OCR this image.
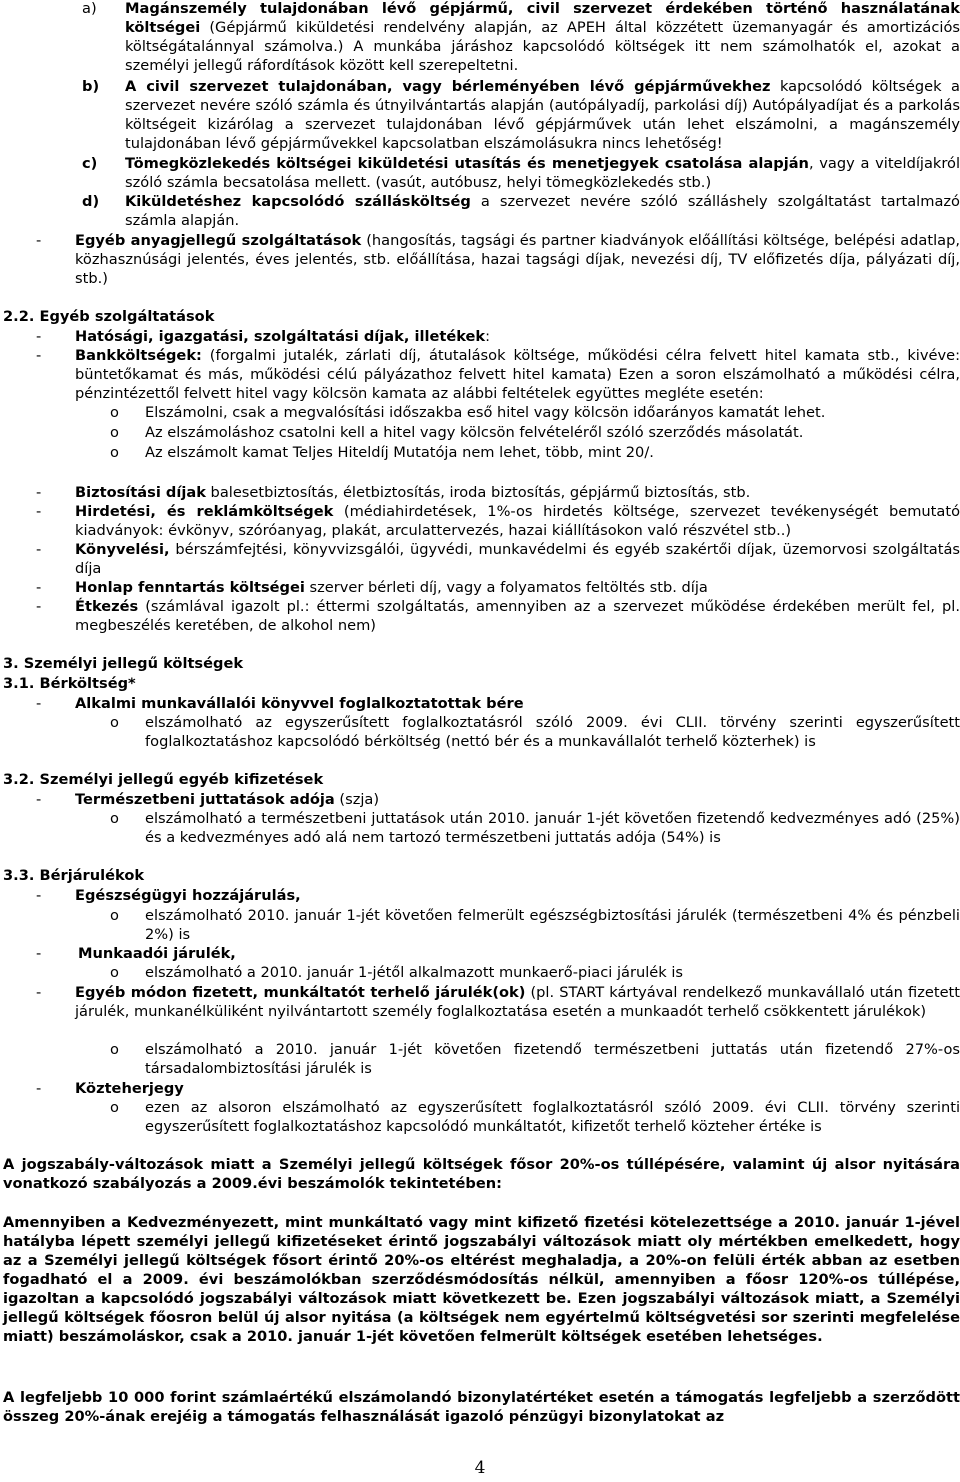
a) Magánszemély tulajdonában lévő gépjármű, civil szervezet érdekében történő használatának költségei (Gépjármű kiküldetési rendelvény alapján, az APEH által közzétett üzemanyagár és amortizációs költségátalánnyal számolva.) A munkába járáshoz kapcsolódó költségek itt nem számolhatók el, azokat a személyi jellegű ráfordítások között kell szerepeltetni.

b) A civil szervezet tulajdonában, vagy bérleményében lévő gépjárművekhez kapcsolódó költségek a szervezet nevére szóló számla és útnyilvántartás alapján (autópályadíj, parkolási díj) Autópályadíjat és a parkolás költségeit kizárólag a szervezet tulajdonában lévő gépjárművek után lehet elszámolni, a magánszemély tulajdonában lévő gépjárművekkel kapcsolatban elszámolásukra nincs lehetőség!

c) Tömegközlekedés költségei kiküldetési utasítás és menetjegyek csatolása alapján, vagy a viteldíjakról szóló számla becsatolása mellett. (vasút, autóbusz, helyi tömegközlekedés stb.)

d) Kiküldetéshez kapcsolódó szállásköltség a szervezet nevére szóló szálláshely szolgáltatást tartalmazó számla alapján.

- Egyéb anyagjellegű szolgáltatások (hangosítás, tagsági és partner kiadványok előállítási költsége, belépési adatlap, közhasznúsági jelentés, éves jelentés, stb. előállítása, hazai tagsági díjak, nevezési díj, TV előfizetés díja, pályázati díj, stb.)

2.2. Egyéb szolgáltatások
- Hatósági, igazgatási, szolgáltatási díjak, illetékek:

- Bankköltségek: (forgalmi jutalék, zárlati díj, átutalások költsége, működési célra felvett hitel kamata stb., kivéve: büntetőkamat és más, működési célú pályázathoz felvett hitel kamata) Ezen a soron elszámolható a működési célra, pénzintézettől felvett hitel vagy kölcsön kamata az alábbi feltételek együttes megléte esetén:

o Elszámolni, csak a megvalósítási időszakba eső hitel vagy kölcsön időarányos kamatát lehet.

o Az elszámoláshoz csatolni kell a hitel vagy kölcsön felvételéről szóló szerződés másolatát.

o Az elszámolt kamat Teljes Hiteldíj Mutatója nem lehet, több, mint 20/.

- Biztosítási díjak balesetbiztosítás, életbiztosítás, iroda biztosítás, gépjármű biztosítás, stb.

- Hirdetési, és reklámköltségek (médiahirdetések, 1%-os hirdetés költsége, szervezet tevékenységét bemutató kiadványok: évkönyv, szóróanyag, plakát, arculattervezés, hazai kiállításokon való részvétel stb..)

- Könyvelési, bérszámfejtési, könyvvizsgálói, ügyvédi, munkavédelmi és egyéb szakértői díjak, üzemorvosi szolgáltatás díja

- Honlap fenntartás költségei szerver bérleti díj, vagy a folyamatos feltöltés stb. díja

- Étkezés (számlával igazolt pl.: éttermi szolgáltatás, amennyiben az a szervezet működése érdekében merült fel, pl. megbeszélés keretében, de alkohol nem)

3. Személyi jellegű költségek
3.1. Bérköltség*
- Alkalmi munkavállalói könyvvel foglalkoztatottak bére

o elszámolható az egyszerűsített foglalkoztatásról szóló 2009. évi CLII. törvény szerinti egyszerűsített foglalkoztatáshoz kapcsolódó bérköltség (nettó bér és a munkavállalót terhelő közterhek) is

3.2. Személyi jellegű egyéb kifizetések
- Természetbeni juttatások adója (szja)

o elszámolható a természetbeni juttatások után 2010. január 1-jét követően fizetendő kedvezményes adó (25%) és a kedvezményes adó alá nem tartozó természetbeni juttatás adója (54%) is

3.3. Bérjárulékok
- Egészségügyi hozzájárulás,

o elszámolható 2010. január 1-jét követően felmerült egészségbiztosítási járulék (természetbeni 4% és pénzbeli 2%) is

-	Munkaadói járulék,

o elszámolható a 2010. január 1-jétől alkalmazott munkaerő-piaci járulék is

- Egyéb módon fizetett, munkáltatót terhelő járulék(ok) (pl. START kártyával rendelkező munkavállaló után fizetett járulék, munkanélküliként nyilvántartott személy foglalkoztatása esetén a munkaadót terhelő csökkentett járulékok)

o elszámolható a 2010. január 1-jét követően fizetendő természetbeni juttatás után fizetendő 27%-os társadalombiztosítási járulék is

- Közteherjegy

o ezen az alsoron elszámolható az egyszerűsített foglalkoztatásról szóló 2009. évi CLII. törvény szerinti egyszerűsített foglalkoztatáshoz kapcsolódó munkáltatót, kifizetőt terhelő közteher értéke is

A jogszabály-változások miatt a Személyi jellegű költségek fősor 20%-os túllépésére, valamint új alsor nyitására vonatkozó szabályozás a 2009.évi beszámolók tekintetében:

Amennyiben a Kedvezményezett, mint munkáltató vagy mint kifizető fizetési kötelezettsége a 2010. január 1-jével hatályba lépett személyi jellegű kifizetéseket érintő jogszabályi változások miatt oly mértékben emelkedett, hogy az a Személyi jellegű költségek fősort érintő 20%-os eltérést meghaladja, a 20%-on felüli érték abban az esetben fogadható el a 2009. évi beszámolókban szerződésmódosítás nélkül, amennyiben a főosr 120%-os túllépése, igazoltan a kapcsolódó jogszabályi változások miatt következett be. Ezen jogszabályi változások miatt, a Személyi jellegű költségek főosron belül új alsor nyitása (a költségek nem egyértelmű költségvetési sor szerinti megfelelése miatt) beszámoláskor, csak a 2010. január 1-jét követően felmerült költségek esetében lehetséges.

A legfeljebb 10 000 forint számlaértékű elszámolandó bizonylatértéket esetén a támogatás legfeljebb a szerződött összeg 20%-ának erejéig a támogatás felhasználását igazoló pénzügyi bizonylatokat az

4
